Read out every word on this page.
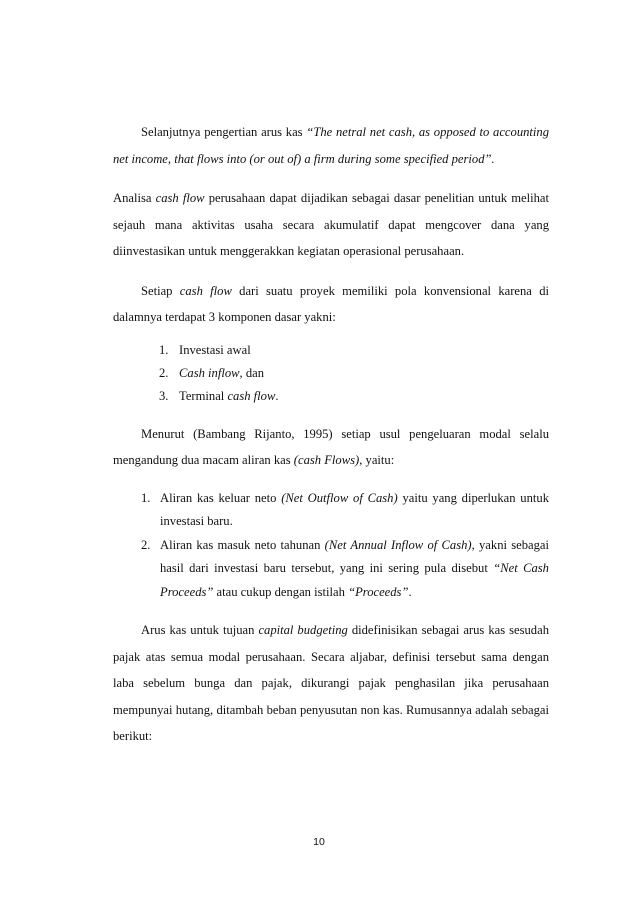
Selanjutnya pengertian arus kas “The netral net cash, as opposed to accounting net income, that flows into (or out of) a firm during some specified period”.

Analisa cash flow perusahaan dapat dijadikan sebagai dasar penelitian untuk melihat sejauh mana aktivitas usaha secara akumulatif dapat mengcover dana yang diinvestasikan untuk menggerakkan kegiatan operasional perusahaan.

Setiap cash flow dari suatu proyek memiliki pola konvensional karena di dalamnya terdapat 3 komponen dasar yakni:

1. Investasi awal
2. Cash inflow, dan
3. Terminal cash flow.

Menurut (Bambang Rijanto, 1995) setiap usul pengeluaran modal selalu mengandung dua macam aliran kas (cash Flows), yaitu:

1. Aliran kas keluar neto (Net Outflow of Cash) yaitu yang diperlukan untuk investasi baru.
2. Aliran kas masuk neto tahunan (Net Annual Inflow of Cash), yakni sebagai hasil dari investasi baru tersebut, yang ini sering pula disebut “Net Cash Proceeds” atau cukup dengan istilah “Proceeds”.

Arus kas untuk tujuan capital budgeting didefinisikan sebagai arus kas sesudah pajak atas semua modal perusahaan. Secara aljabar, definisi tersebut sama dengan laba sebelum bunga dan pajak, dikurangi pajak penghasilan jika perusahaan mempunyai hutang, ditambah beban penyusutan non kas. Rumusannya adalah sebagai berikut:

10
